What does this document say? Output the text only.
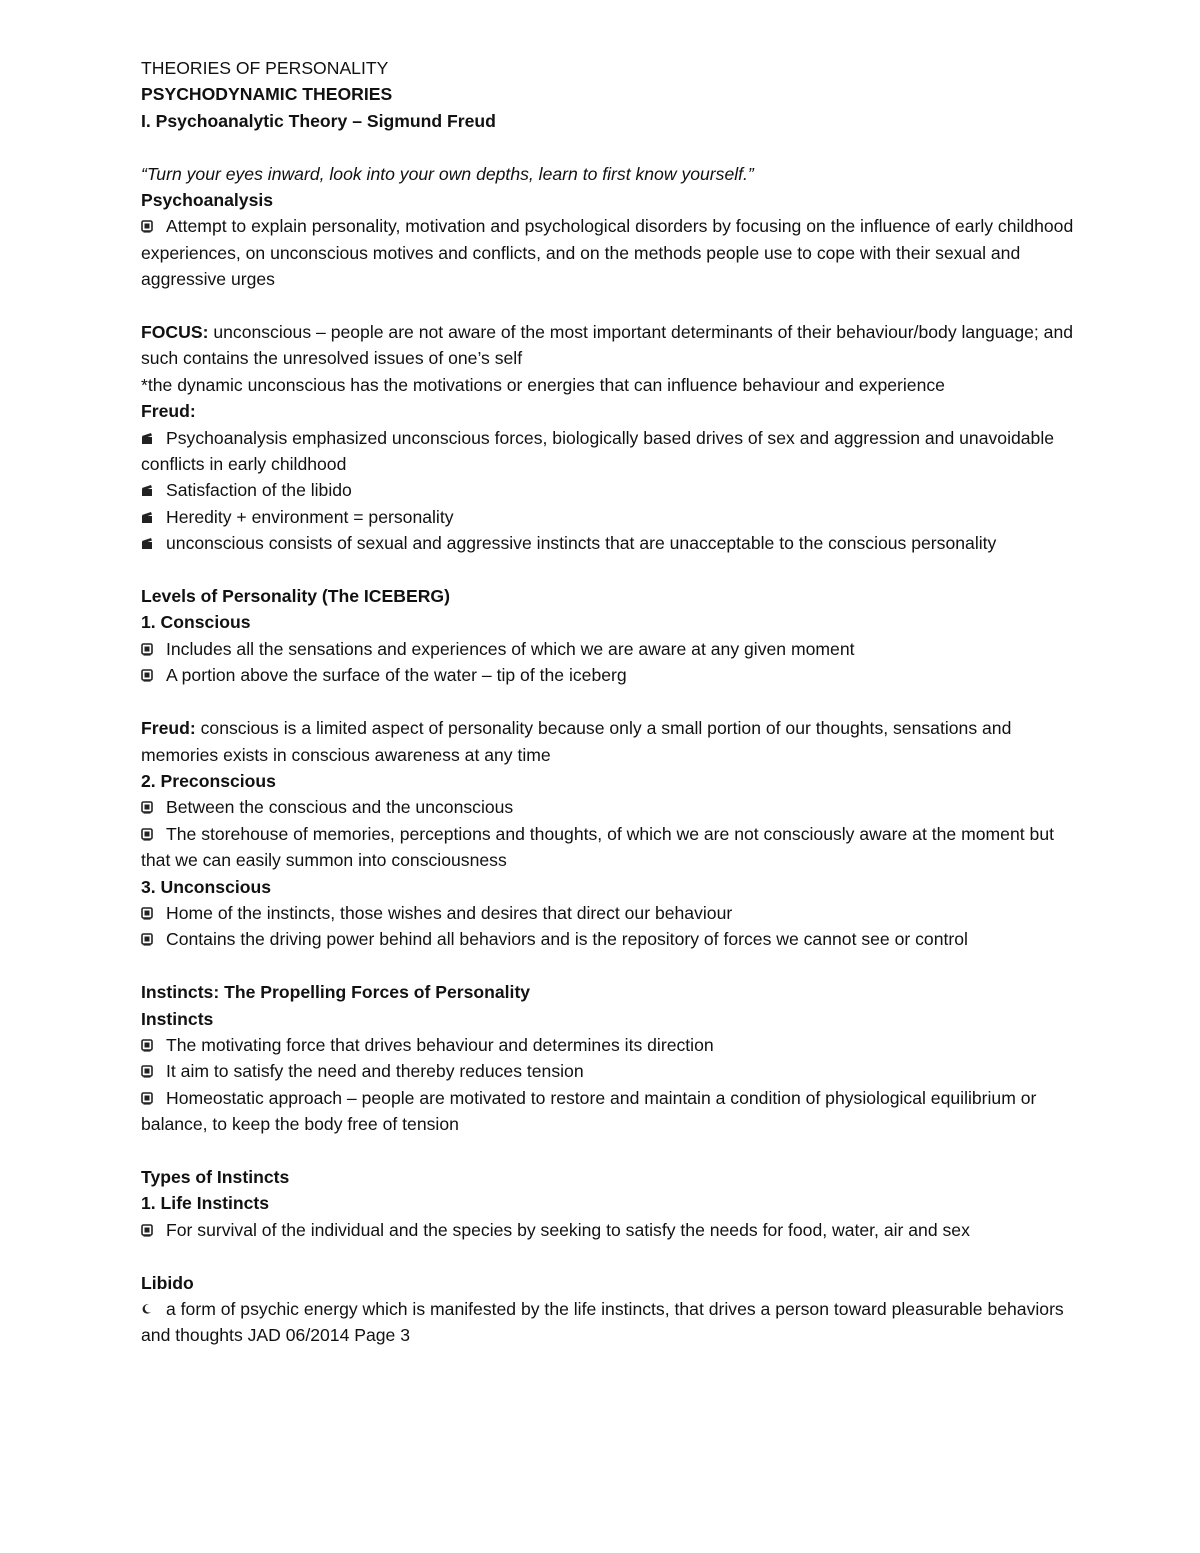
THEORIES OF PERSONALITY

PSYCHODYNAMIC THEORIES

I. Psychoanalytic Theory – Sigmund Freud

“Turn your eyes inward, look into your own depths, learn to first know yourself.”

Psychoanalysis

Attempt to explain personality, motivation and psychological disorders by focusing on the influence of early childhood experiences, on unconscious motives and conflicts, and on the methods people use to cope with their sexual and aggressive urges

FOCUS: unconscious – people are not aware of the most important determinants of their behaviour/body language; and such contains the unresolved issues of one’s self

*the dynamic unconscious has the motivations or energies that can influence behaviour and experience

Freud:

Psychoanalysis emphasized unconscious forces, biologically based drives of sex and aggression and unavoidable conflicts in early childhood

Satisfaction of the libido

Heredity + environment = personality

unconscious consists of sexual and aggressive instincts that are unacceptable to the conscious personality

Levels of Personality (The ICEBERG)

1. Conscious

Includes all the sensations and experiences of which we are aware at any given moment

A portion above the surface of the water – tip of the iceberg

Freud: conscious is a limited aspect of personality because only a small portion of our thoughts, sensations and memories exists in conscious awareness at any time

2. Preconscious

Between the conscious and the unconscious

The storehouse of memories, perceptions and thoughts, of which we are not consciously aware at the moment but that we can easily summon into consciousness

3. Unconscious

Home of the instincts, those wishes and desires that direct our behaviour

Contains the driving power behind all behaviors and is the repository of forces we cannot see or control

Instincts: The Propelling Forces of Personality

Instincts

The motivating force that drives behaviour and determines its direction

It aim to satisfy the need and thereby reduces tension

Homeostatic approach – people are motivated to restore and maintain a condition of physiological equilibrium or balance, to keep the body free of tension

Types of Instincts

1. Life Instincts

For survival of the individual and the species by seeking to satisfy the needs for food, water, air and sex

Libido

a form of psychic energy which is manifested by the life instincts, that drives a person toward pleasurable behaviors and thoughts JAD 06/2014 Page 3
